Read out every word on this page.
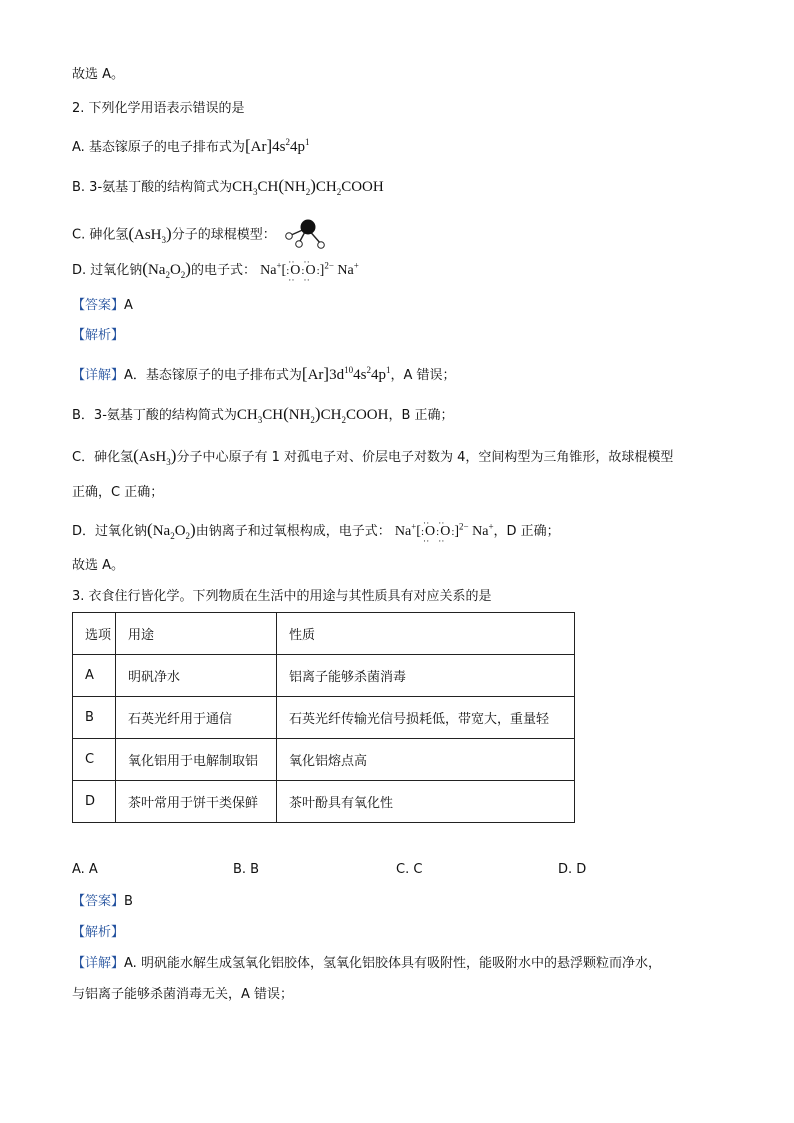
故选 A。
2. 下列化学用语表示错误的是
A. 基态镓原子的电子排布式为$[Ar]4s^24p^1$
B. 3-氨基丁酸的结构简式为$CH_3CH(NH_2)CH_2COOH$
C. 砷化氢(AsH$_3$)分子的球棍模型：
D. 过氧化钠$(Na_2O_2)$的电子式： Na+[:· · O · ·:· · O · ·:]$^{2-}$ Na+
【答案】A
【解析】
【详解】A．基态镓原子的电子排布式为$[Ar]3d^{10}4s^24p^1$，A 错误；
B．3-氨基丁酸的结构简式为$CH_3CH(NH_2)CH_2COOH$，B 正确；
C．砷化氢(AsH$_3$)分子中心原子有 1 对孤电子对、价层电子对数为 4，空间构型为三角锥形，故球棍模型
正确，C 正确；
D．过氧化钠$(Na_2O_2)$由钠离子和过氧根构成，电子式： Na+[:· · O · ·:· · O · ·:]$^{2-}$ Na+，D 正确；
故选 A。
3. 衣食住行皆化学。下列物质在生活中的用途与其性质具有对应关系的是
选项	用途	性质
A	明矾净水	铝离子能够杀菌消毒
B	石英光纤用于通信	石英光纤传输光信号损耗低，带宽大，重量轻
C	氧化铝用于电解制取铝	氧化铝熔点高
D	茶叶常用于饼干类保鲜	茶叶酚具有氧化性
A. A	B. B	C. C	D. D
【答案】B
【解析】
【详解】A. 明矾能水解生成氢氧化铝胶体，氢氧化铝胶体具有吸附性，能吸附水中的悬浮颗粒而净水，
与铝离子能够杀菌消毒无关，A 错误；
